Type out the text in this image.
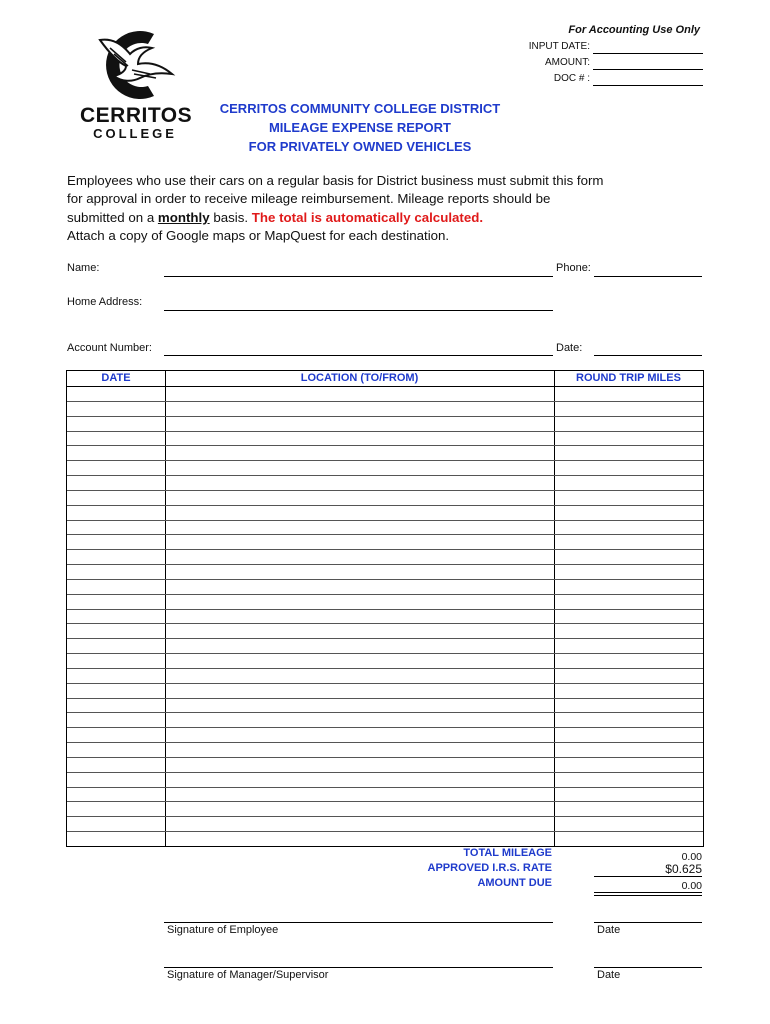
For Accounting Use Only
INPUT DATE:
AMOUNT:
DOC # :
CERRITOS
COLLEGE
CERRITOS COMMUNITY COLLEGE DISTRICT
MILEAGE EXPENSE REPORT
FOR PRIVATELY OWNED VEHICLES
Employees who use their cars on a regular basis for District business must submit this form
for approval in order to receive mileage reimbursement. Mileage reports should be
submitted on a monthly basis. The total is automatically calculated.
Attach a copy of Google maps or MapQuest for each destination.
Name:	Phone:
Home Address:
Account Number:	Date:
DATE	LOCATION (TO/FROM)	ROUND TRIP MILES
TOTAL MILEAGE	0.00
APPROVED I.R.S. RATE	$0.625
AMOUNT DUE	0.00
Signature of Employee	Date
Signature of Manager/Supervisor	Date
